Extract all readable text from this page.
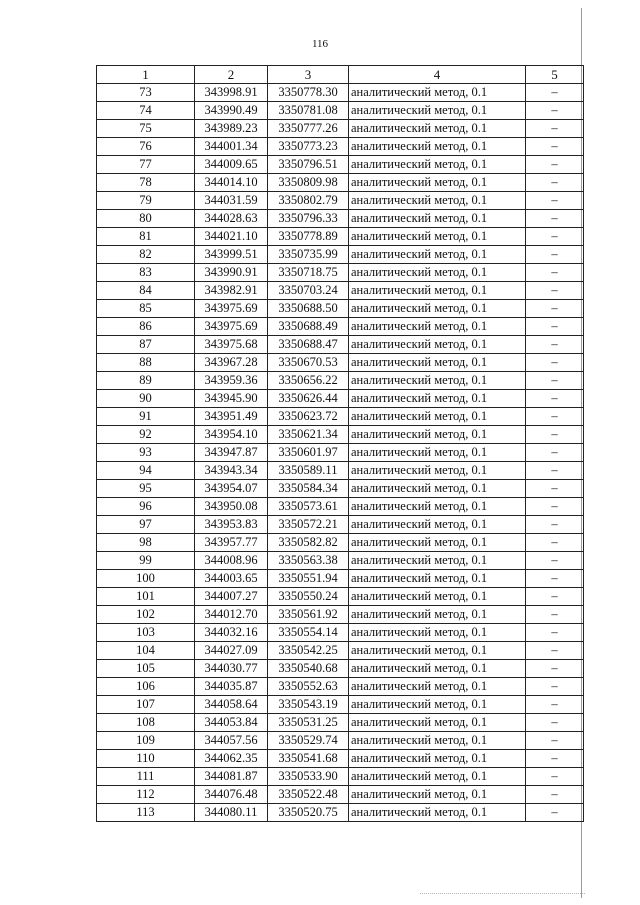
116
1	2	3	4	5
73	343998.91	3350778.30	аналитический метод, 0.1	–
74	343990.49	3350781.08	аналитический метод, 0.1	–
75	343989.23	3350777.26	аналитический метод, 0.1	–
76	344001.34	3350773.23	аналитический метод, 0.1	–
77	344009.65	3350796.51	аналитический метод, 0.1	–
78	344014.10	3350809.98	аналитический метод, 0.1	–
79	344031.59	3350802.79	аналитический метод, 0.1	–
80	344028.63	3350796.33	аналитический метод, 0.1	–
81	344021.10	3350778.89	аналитический метод, 0.1	–
82	343999.51	3350735.99	аналитический метод, 0.1	–
83	343990.91	3350718.75	аналитический метод, 0.1	–
84	343982.91	3350703.24	аналитический метод, 0.1	–
85	343975.69	3350688.50	аналитический метод, 0.1	–
86	343975.69	3350688.49	аналитический метод, 0.1	–
87	343975.68	3350688.47	аналитический метод, 0.1	–
88	343967.28	3350670.53	аналитический метод, 0.1	–
89	343959.36	3350656.22	аналитический метод, 0.1	–
90	343945.90	3350626.44	аналитический метод, 0.1	–
91	343951.49	3350623.72	аналитический метод, 0.1	–
92	343954.10	3350621.34	аналитический метод, 0.1	–
93	343947.87	3350601.97	аналитический метод, 0.1	–
94	343943.34	3350589.11	аналитический метод, 0.1	–
95	343954.07	3350584.34	аналитический метод, 0.1	–
96	343950.08	3350573.61	аналитический метод, 0.1	–
97	343953.83	3350572.21	аналитический метод, 0.1	–
98	343957.77	3350582.82	аналитический метод, 0.1	–
99	344008.96	3350563.38	аналитический метод, 0.1	–
100	344003.65	3350551.94	аналитический метод, 0.1	–
101	344007.27	3350550.24	аналитический метод, 0.1	–
102	344012.70	3350561.92	аналитический метод, 0.1	–
103	344032.16	3350554.14	аналитический метод, 0.1	–
104	344027.09	3350542.25	аналитический метод, 0.1	–
105	344030.77	3350540.68	аналитический метод, 0.1	–
106	344035.87	3350552.63	аналитический метод, 0.1	–
107	344058.64	3350543.19	аналитический метод, 0.1	–
108	344053.84	3350531.25	аналитический метод, 0.1	–
109	344057.56	3350529.74	аналитический метод, 0.1	–
110	344062.35	3350541.68	аналитический метод, 0.1	–
111	344081.87	3350533.90	аналитический метод, 0.1	–
112	344076.48	3350522.48	аналитический метод, 0.1	–
113	344080.11	3350520.75	аналитический метод, 0.1	–
